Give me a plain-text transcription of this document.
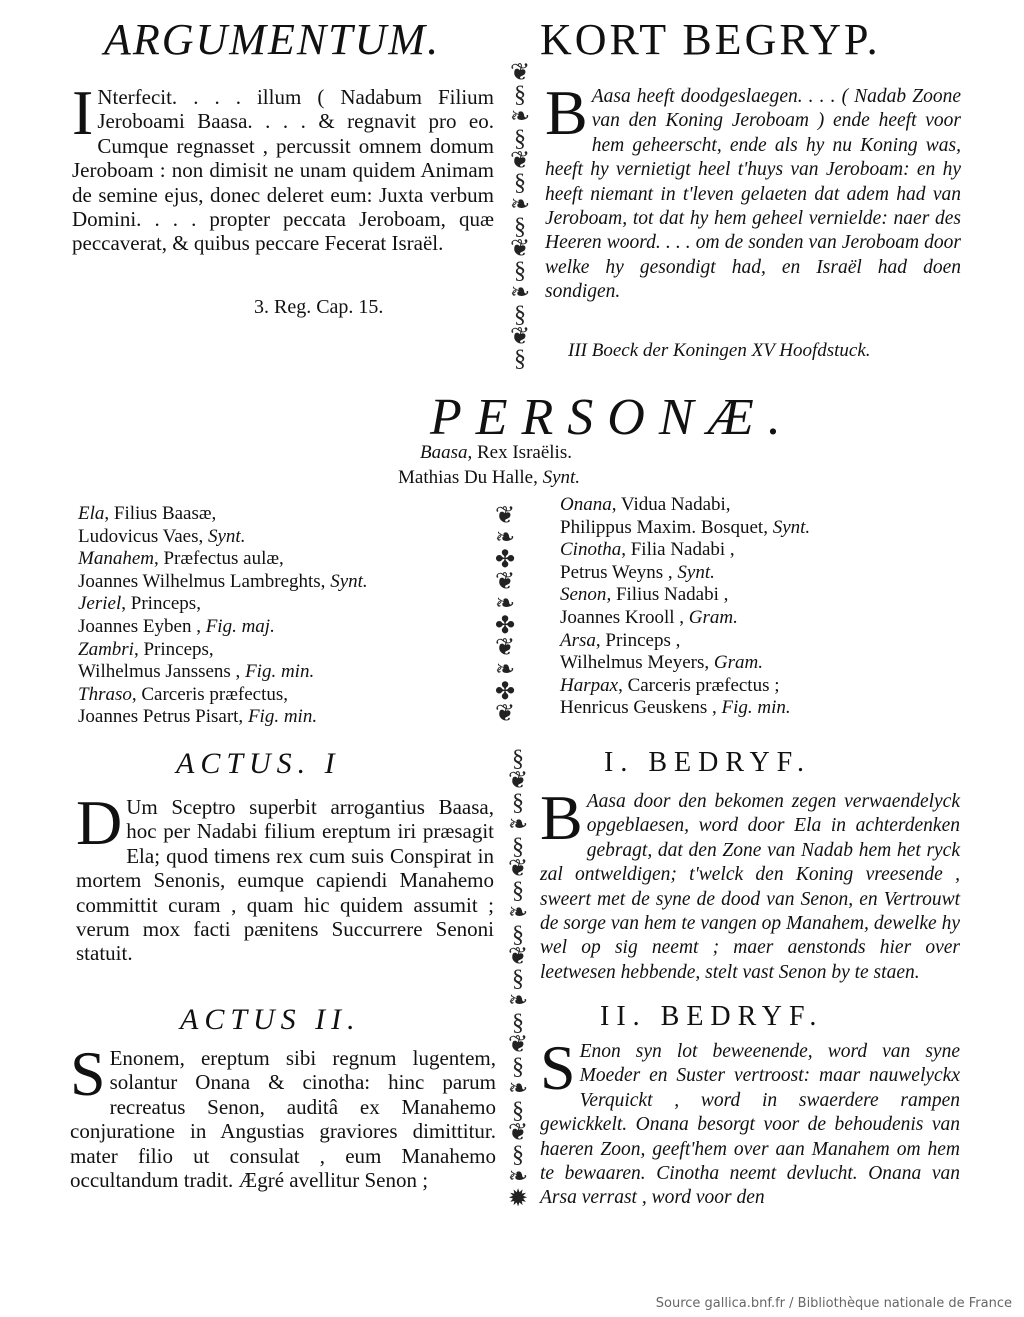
ARGUMENTUM.
I Nterfecit. . . . illum ( Nadabum Filium Jeroboami Baasa. . . . & regnavit pro eo. Cumque regnasset , percussit omnem domum Jeroboam : non dimisit ne unam quidem Animam de semine ejus, donec deleret eum: Juxta verbum Domini. . . . propter peccata Jeroboam, quæ peccaverat, & quibus peccare Fecerat Israël.
3. Reg. Cap. 15.
KORT BEGRYP.
B Aasa heeft doodgeslaegen. . . . ( Nadab Zoone van den Koning Jeroboam ) ende heeft voor hem geheerscht, ende als hy nu Koning was, heeft hy vernietigt heel t'huys van Jeroboam: en hy heeft niemant in t'leven gelaeten dat adem had van Jeroboam, tot dat hy hem geheel vernielde: naer des Heeren woord. . . . om de sonden van Jeroboam door welke hy gesondigt had, en Israël had doen sondigen.
III Boeck der Koningen XV Hoofdstuck.
❦
§
❧
§
❦
§
❧
§
❦
§
❧
§
❦
§
PERSONÆ.
Baasa, Rex Israëlis.
Mathias Du Halle, Synt.
Ela, Filius Baasæ,
Ludovicus Vaes, Synt.
Manahem, Præfectus aulæ,
Joannes Wilhelmus Lambreghts, Synt.
Jeriel, Princeps,
Joannes Eyben , Fig. maj.
Zambri, Princeps,
Wilhelmus Janssens , Fig. min.
Thraso, Carceris præfectus,
Joannes Petrus Pisart, Fig. min.
❦
❧
✤
❦
❧
✤
❦
❧
✤
❦
Onana, Vidua Nadabi,
Philippus Maxim. Bosquet, Synt.
Cinotha, Filia Nadabi ,
Petrus Weyns , Synt.
Senon, Filius Nadabi ,
Joannes Krooll , Gram.
Arsa, Princeps ,
Wilhelmus Meyers, Gram.
Harpax, Carceris præfectus ;
Henricus Geuskens , Fig. min.
ACTUS. I
D Um Sceptro superbit arrogantius Baasa, hoc per Nadabi filium ereptum iri præsagit Ela; quod timens rex cum suis Conspirat in mortem Senonis, eumque capiendi Manahemo committit curam , quam hic quidem assumit ; verum mox facti pænitens Succurrere Senoni statuit.
I. BEDRYF.
B Aasa door den bekomen zegen verwaendelyck opgeblaesen, word door Ela in achterdenken gebragt, dat den Zone van Nadab hem het ryck zal ontweldigen; t'welck den Koning vreesende , sweert met de syne de dood van Senon, en Vertrouwt de sorge van hem te vangen op Manahem, dewelke hy wel op sig neemt ; maer aenstonds hier over leetwesen hebbende, stelt vast Senon by te staen.
ACTUS II.
S Enonem, ereptum sibi regnum lugentem, solantur Onana & cinotha: hinc parum recreatus Senon, auditâ ex Manahemo conjuratione in Angustias graviores dimittitur. mater filio ut consulat , eum Manahemo occultandum tradit. Ægré avellitur Senon ;
II. BEDRYF.
S Enon syn lot beweenende, word van syne Moeder en Suster vertroost: maar nauwelyckx Verquickt , word in swaerdere rampen gewickkelt. Onana besorgt voor de behoudenis van haeren Zoon, geeft'hem over aan Manahem om hem te bewaaren. Cinotha neemt devlucht. Onana van Arsa verrast , word voor den
§
❦
§
❧
§
❦
§
❧
§
❦
§
❧
§
❦
§
❧
§
❦
§
❧
✹
Source gallica.bnf.fr / Bibliothèque nationale de France
